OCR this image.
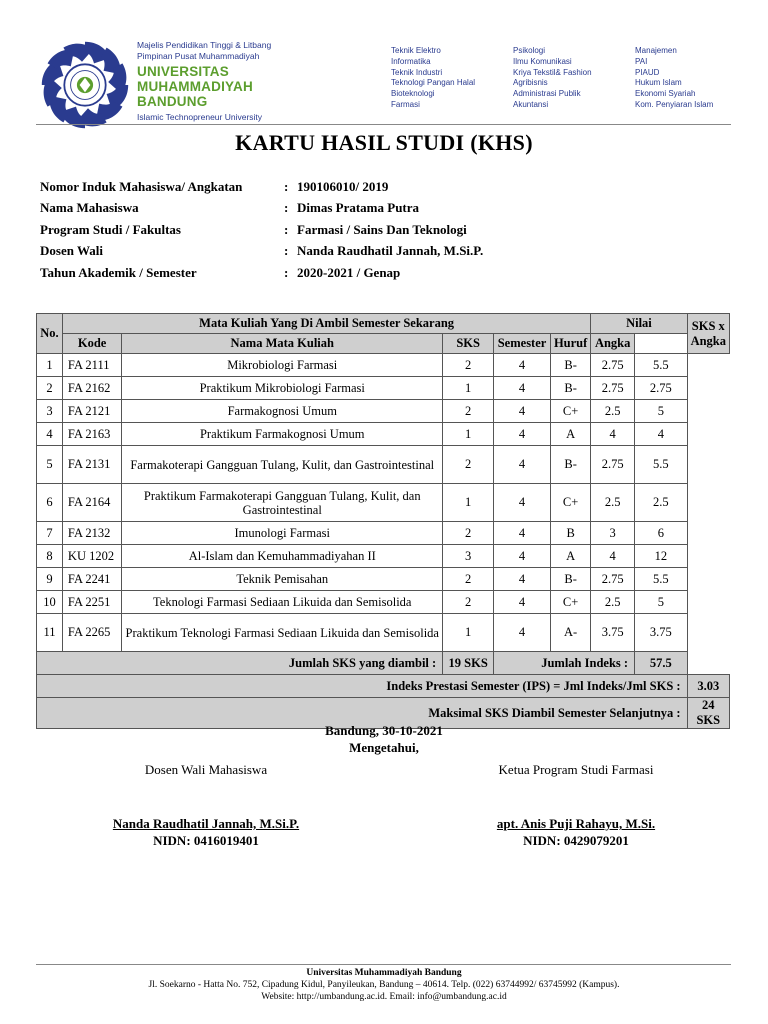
Majelis Pendidikan Tinggi & Litbang Pimpinan Pusat Muhammadiyah
UNIVERSITAS
MUHAMMADIYAH
BANDUNG
Islamic Technopreneur University
Teknik Elektro
Informatika
Teknik Industri
Teknologi Pangan Halal
Bioteknologi
Farmasi
Psikologi
Ilmu Komunikasi
Kriya Tekstil& Fashion
Agribisnis
Administrasi Publik
Akuntansi
Manajemen
PAI
PIAUD
Hukum Islam
Ekonomi Syariah
Kom. Penyiaran Islam
KARTU HASIL STUDI (KHS)
Nomor Induk Mahasiswa/ Angkatan	: 190106010/ 2019
Nama Mahasiswa	: Dimas Pratama Putra
Program Studi / Fakultas	: Farmasi / Sains Dan Teknologi
Dosen Wali	: Nanda Raudhatil Jannah, M.Si.P.
Tahun Akademik / Semester	: 2020-2021 / Genap
No.	Mata Kuliah Yang Di Ambil Semester Sekarang					Nilai		SKS x Angka
	Kode	Nama Mata Kuliah	SKS	Semester	Huruf	Angka		
1	FA 2111	Mikrobiologi Farmasi	2	4	B-	2.75	5.5	
2	FA 2162	Praktikum Mikrobiologi Farmasi	1	4	B-	2.75	2.75	
3	FA 2121	Farmakognosi Umum	2	4	C+	2.5	5	
4	FA 2163	Praktikum Farmakognosi Umum	1	4	A	4	4	
5	FA 2131	Farmakoterapi Gangguan Tulang, Kulit, dan Gastrointestinal	2	4	B-	2.75	5.5	
6	FA 2164	Praktikum Farmakoterapi Gangguan Tulang, Kulit, dan Gastrointestinal	1	4	C+	2.5	2.5	
7	FA 2132	Imunologi Farmasi	2	4	B	3	6	
8	KU 1202	Al-Islam dan Kemuhammadiyahan II	3	4	A	4	12	
9	FA 2241	Teknik Pemisahan	2	4	B-	2.75	5.5	
10	FA 2251	Teknologi Farmasi Sediaan Likuida dan Semisolida	2	4	C+	2.5	5	
11	FA 2265	Praktikum Teknologi Farmasi Sediaan Likuida dan Semisolida	1	4	A-	3.75	3.75	
Jumlah SKS yang diambil :			19 SKS	Jumlah Indeks :			57.5	
Indeks Prestasi Semester (IPS) = Jml Indeks/Jml SKS :								3.03
Maksimal SKS Diambil Semester Selanjutnya :								24 SKS
Bandung, 30-10-2021
Mengetahui,
Dosen Wali Mahasiswa
Nanda Raudhatil Jannah, M.Si.P.
NIDN: 0416019401
Ketua Program Studi Farmasi
apt. Anis Puji Rahayu, M.Si.
NIDN: 0429079201
Universitas Muhammadiyah Bandung
Jl. Soekarno - Hatta No. 752, Cipadung Kidul, Panyileukan, Bandung – 40614. Telp. (022) 63744992/ 63745992 (Kampus).
Website: http://umbandung.ac.id. Email: info@umbandung.ac.id
